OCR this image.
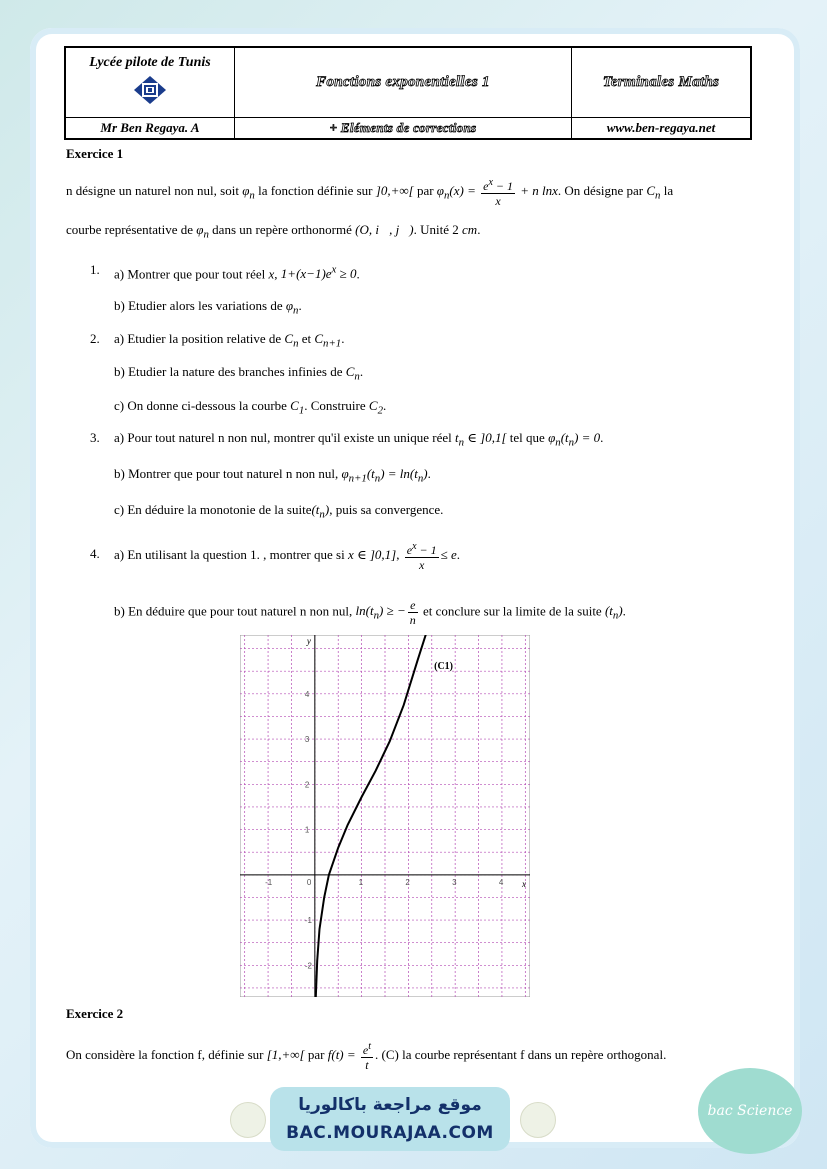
Lycée pilote de Tunis	Fonctions exponentielles 1	Terminales Maths
Mr Ben Regaya. A	+ Eléments de corrections	www.ben-regaya.net
Exercice 1
n désigne un naturel non nul, soit $\varphi_n$ la fonction définie sur ]0,+∞[ par $\varphi_n(x) = \frac{e^x - 1}{x} + n$ lnx. On désigne par $C_n$ la
courbe représentative de $\varphi_n$ dans un repère orthonormé (O, i⃗, j⃗). Unité 2 cm.
1. a) Montrer que pour tout réel x, $1+(x-1)e^x \ge 0$.
b) Etudier alors les variations de $\varphi_n$.
2. a) Etudier la position relative de $C_n$ et $C_{n+1}$.
b) Etudier la nature des branches infinies de $C_n$.
c) On donne ci-dessous la courbe $C_1$. Construire $C_2$.
3. a) Pour tout naturel n non nul, montrer qu'il existe un unique réel $t_n$ ∈ ]0,1[ tel que $\varphi_n(t_n) = 0$.
b) Montrer que pour tout naturel n non nul, $\varphi_{n+1}(t_n) = \ln(t_n)$.
c) En déduire la monotonie de la $suite(t_n)$, puis sa convergence.
4. a) En utilisant la question 1. , montrer que si x ∈ ]0,1], $\frac{e^x - 1}{x} \le e$.
b) En déduire que pour tout naturel n non nul, $\ln(t_n)$ ≥ − $\frac{e}{n}$ et conclure sur la limite de la suite $(t_n)$.
-1	0	1	2	3	4
-2
-1
1
2
3
4
(C1)
x
y
Exercice 2
On considère la fonction f, définie sur [1,+∞[ par $f(t) = \frac{e^t}{t}$ . (C) la courbe représentant f dans un repère orthogonal.
موقع مراجعة باكالوريا
BAC.MOURAJAA.COM
bac Science
